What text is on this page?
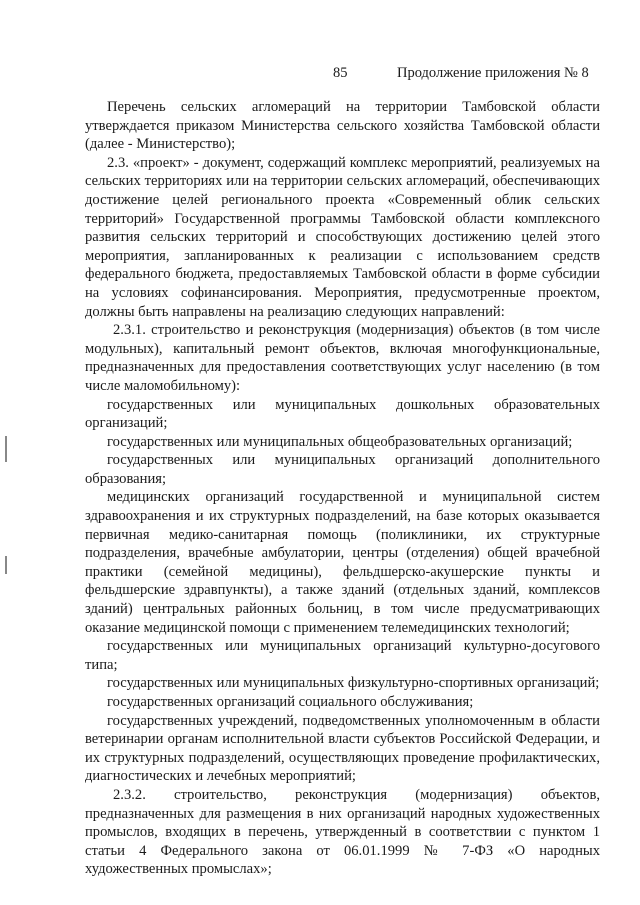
85	Продолжение приложения № 8

Перечень сельских агломераций на территории Тамбовской области утверждается приказом Министерства сельского хозяйства Тамбовской области (далее - Министерство);

2.3. «проект» - документ, содержащий комплекс мероприятий, реализуемых на сельских территориях или на территории сельских агломераций, обеспечивающих достижение целей регионального проекта «Современный облик сельских территорий» Государственной программы Тамбовской области комплексного развития сельских территорий и способствующих достижению целей этого мероприятия, запланированных к реализации с использованием средств федерального бюджета, предоставляемых Тамбовской области в форме субсидии на условиях софинансирования. Мероприятия, предусмотренные проектом, должны быть направлены на реализацию следующих направлений:

2.3.1. строительство и реконструкция (модернизация) объектов (в том числе модульных), капитальный ремонт объектов, включая многофункциональные, предназначенных для предоставления соответствующих услуг населению (в том числе маломобильному):

государственных или муниципальных дошкольных образовательных организаций;

государственных или муниципальных общеобразовательных организаций;

государственных или муниципальных организаций дополнительного образования;

медицинских организаций государственной и муниципальной систем здравоохранения и их структурных подразделений, на базе которых оказывается первичная медико-санитарная помощь (поликлиники, их структурные подразделения, врачебные амбулатории, центры (отделения) общей врачебной практики (семейной медицины), фельдшерско-акушерские пункты и фельдшерские здравпункты), а также зданий (отдельных зданий, комплексов зданий) центральных районных больниц, в том числе предусматривающих оказание медицинской помощи с применением телемедицинских технологий;

государственных или муниципальных организаций культурно-досугового типа;

государственных или муниципальных физкультурно-спортивных организаций;

государственных организаций социального обслуживания;

государственных учреждений, подведомственных уполномоченным в области ветеринарии органам исполнительной власти субъектов Российской Федерации, и их структурных подразделений, осуществляющих проведение профилактических, диагностических и лечебных мероприятий;

2.3.2. строительство, реконструкция (модернизация) объектов, предназначенных для размещения в них организаций народных художественных промыслов, входящих в перечень, утвержденный в соответствии с пунктом 1 статьи 4 Федерального закона от 06.01.1999 № 7-ФЗ «О народных художественных промыслах»;
